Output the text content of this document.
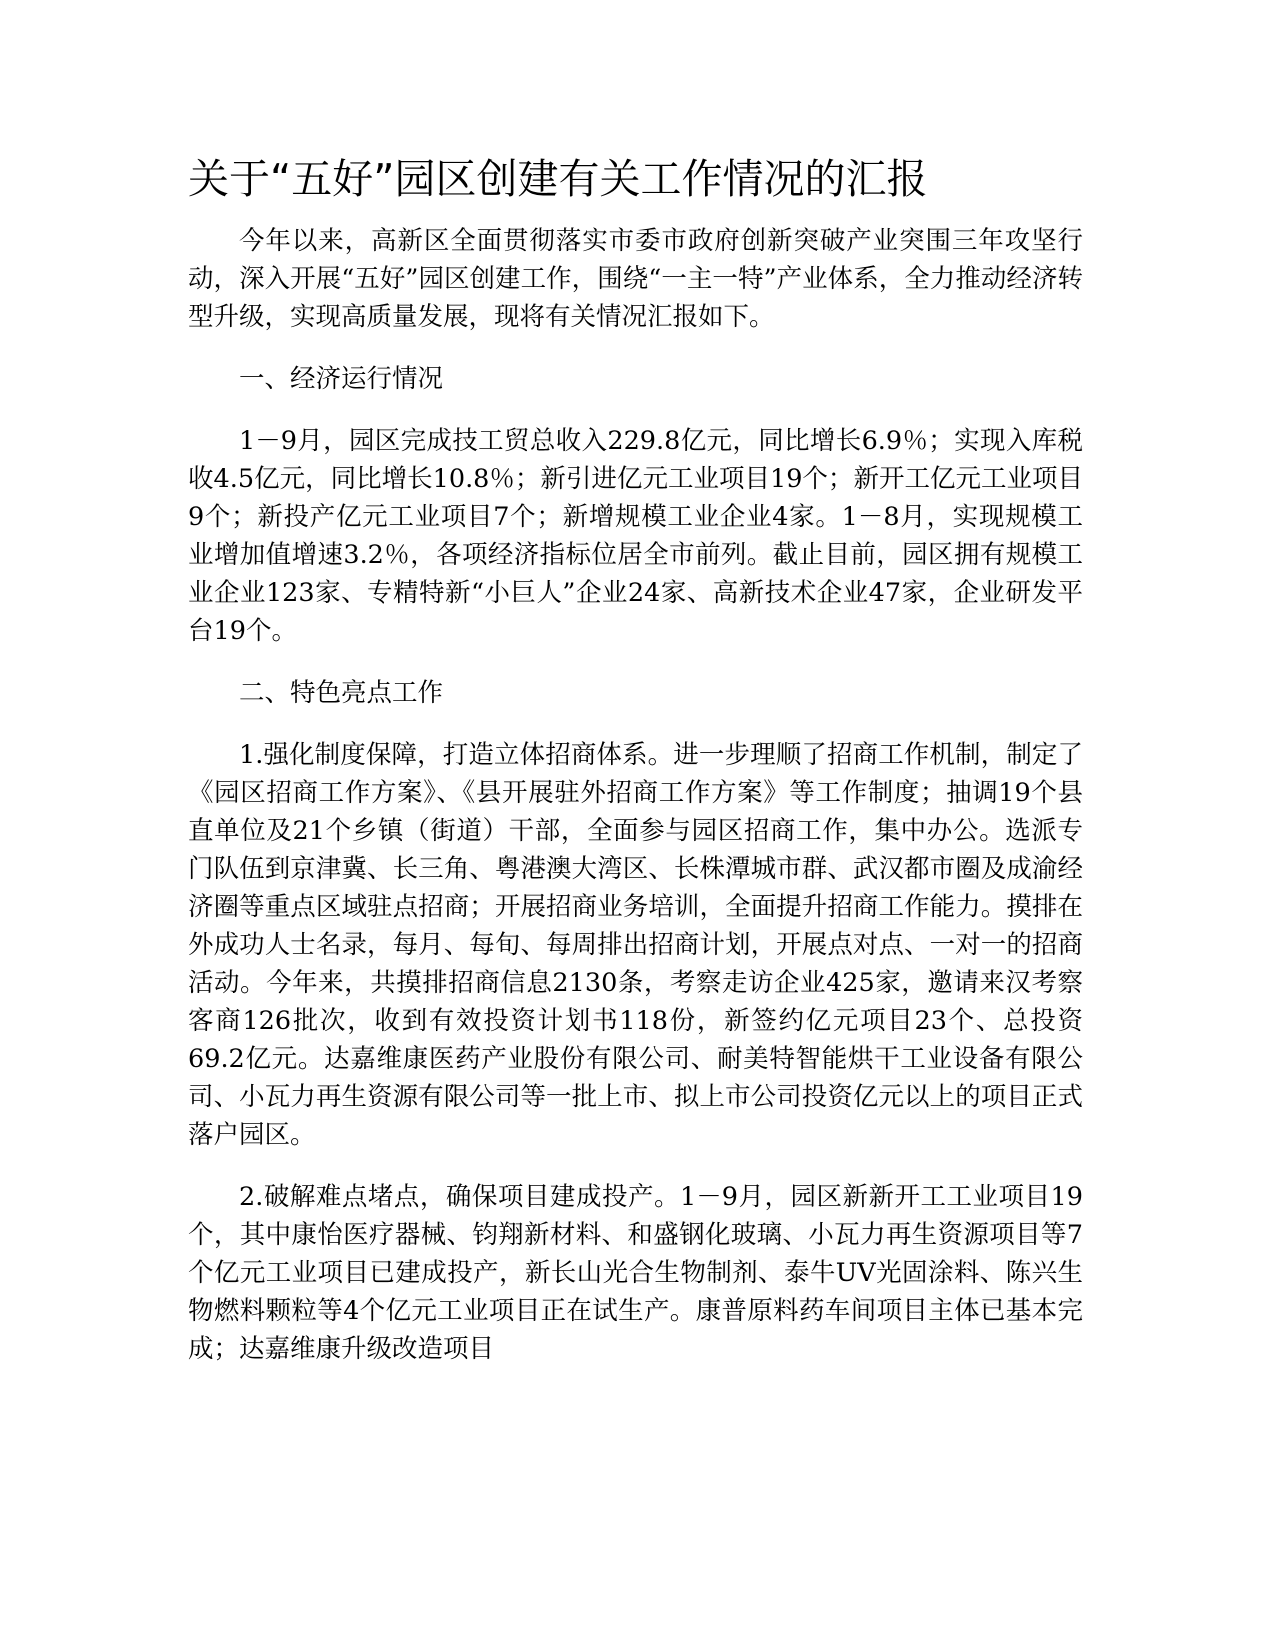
关于“五好”园区创建有关工作情况的汇报

今年以来，高新区全面贯彻落实市委市政府创新突破产业突围三年攻坚行动，深入开展“五好”园区创建工作，围绕“一主一特”产业体系，全力推动经济转型升级，实现高质量发展，现将有关情况汇报如下。

一、经济运行情况

1－9月，园区完成技工贸总收入229.8亿元，同比增长6.9％；实现入库税收4.5亿元，同比增长10.8％；新引进亿元工业项目19个；新开工亿元工业项目9个；新投产亿元工业项目7个；新增规模工业企业4家。1－8月，实现规模工业增加值增速3.2％，各项经济指标位居全市前列。截止目前，园区拥有规模工业企业123家、专精特新“小巨人”企业24家、高新技术企业47家，企业研发平台19个。

二、特色亮点工作

1.强化制度保障，打造立体招商体系。进一步理顺了招商工作机制，制定了《园区招商工作方案》、《县开展驻外招商工作方案》等工作制度；抽调19个县直单位及21个乡镇（街道）干部，全面参与园区招商工作，集中办公。选派专门队伍到京津冀、长三角、粤港澳大湾区、长株潭城市群、武汉都市圈及成渝经济圈等重点区域驻点招商；开展招商业务培训，全面提升招商工作能力。摸排在外成功人士名录，每月、每旬、每周排出招商计划，开展点对点、一对一的招商活动。今年来，共摸排招商信息2130条，考察走访企业425家，邀请来汉考察客商126批次，收到有效投资计划书118份，新签约亿元项目23个、总投资69.2亿元。达嘉维康医药产业股份有限公司、耐美特智能烘干工业设备有限公司、小瓦力再生资源有限公司等一批上市、拟上市公司投资亿元以上的项目正式落户园区。

2.破解难点堵点，确保项目建成投产。1－9月，园区新新开工工业项目19个，其中康怡医疗器械、钧翔新材料、和盛钢化玻璃、小瓦力再生资源项目等7个亿元工业项目已建成投产，新长山光合生物制剂、泰牛UV光固涂料、陈兴生物燃料颗粒等4个亿元工业项目正在试生产。康普原料药车间项目主体已基本完成；达嘉维康升级改造项目
